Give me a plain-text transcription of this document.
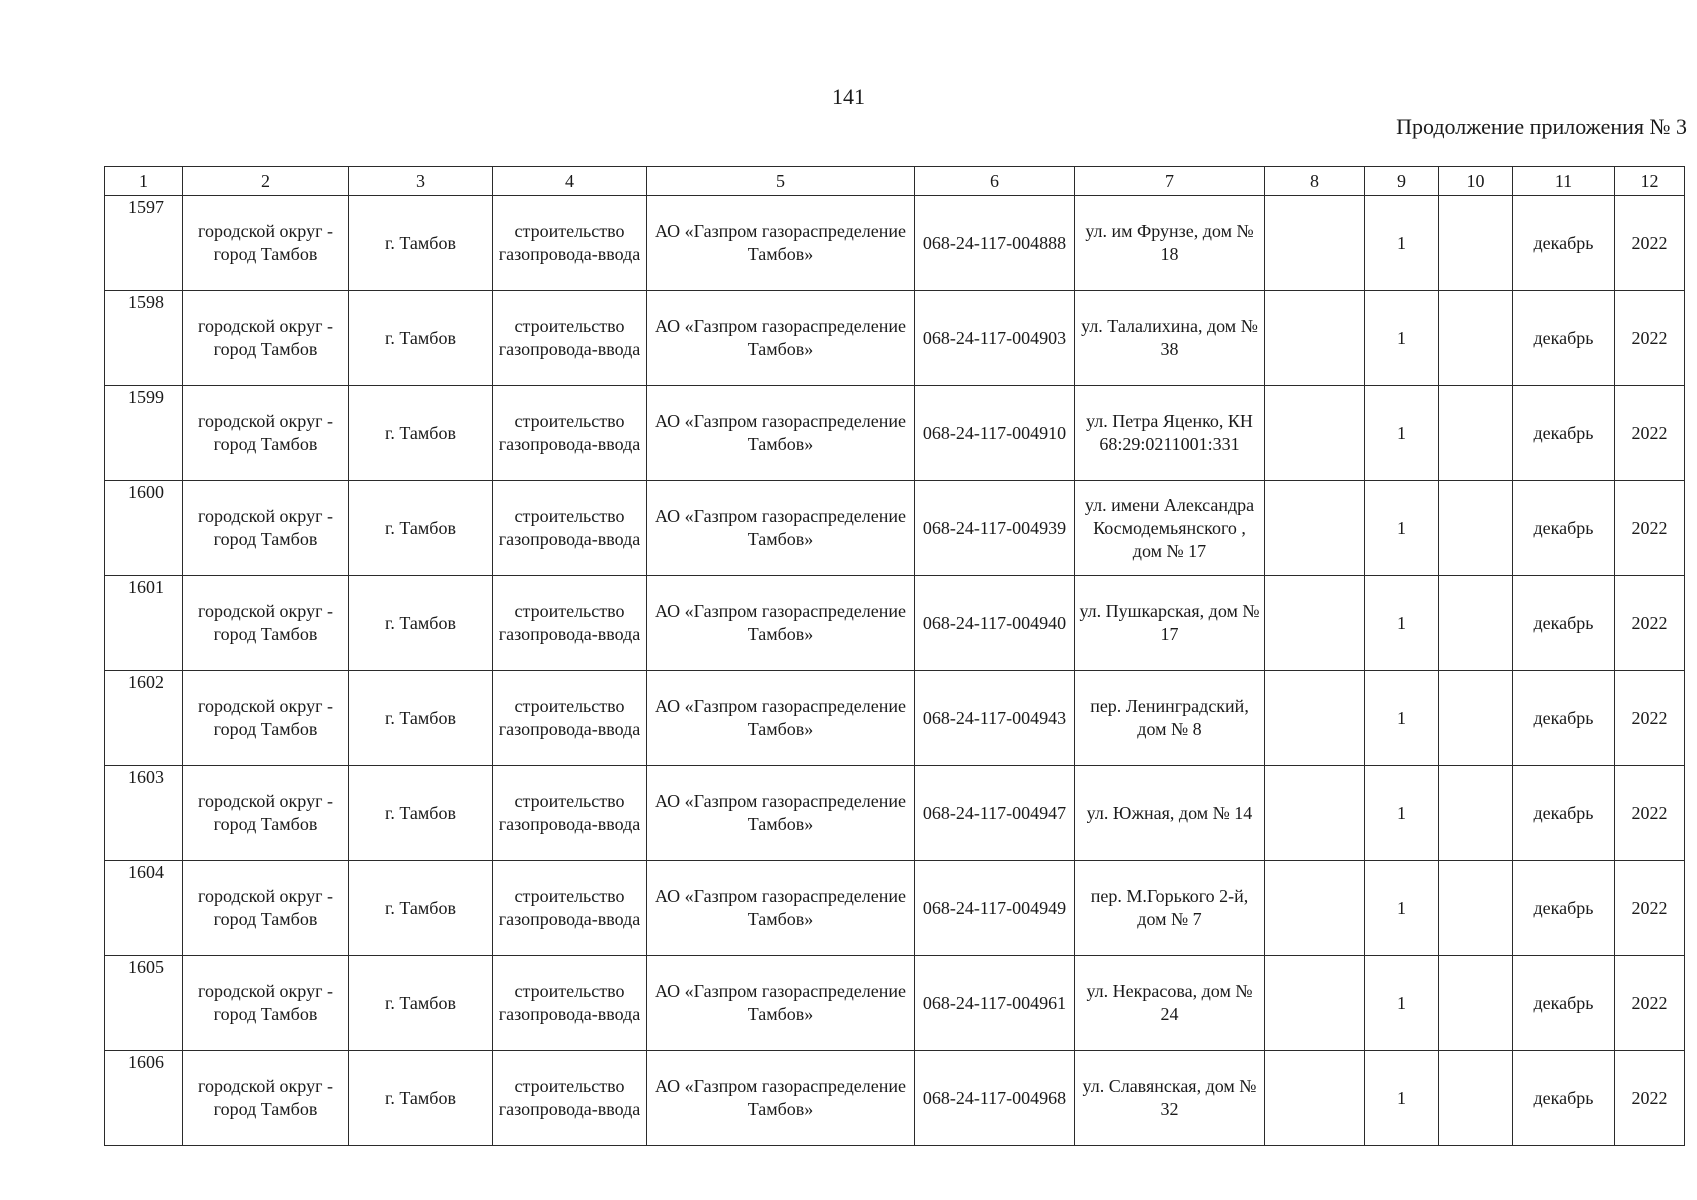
141
Продолжение приложения № 3
1	2	3	4	5	6	7	8	9	10	11	12
1597	городской округ - город Тамбов	г. Тамбов	строительство газопровода-ввода	АО «Газпром газораспределение Тамбов»	068-24-117-004888	ул. им Фрунзе, дом № 18		1		декабрь	2022
1598	городской округ - город Тамбов	г. Тамбов	строительство газопровода-ввода	АО «Газпром газораспределение Тамбов»	068-24-117-004903	ул. Талалихина, дом № 38		1		декабрь	2022
1599	городской округ - город Тамбов	г. Тамбов	строительство газопровода-ввода	АО «Газпром газораспределение Тамбов»	068-24-117-004910	ул. Петра Яценко, КН 68:29:0211001:331		1		декабрь	2022
1600	городской округ - город Тамбов	г. Тамбов	строительство газопровода-ввода	АО «Газпром газораспределение Тамбов»	068-24-117-004939	ул. имени Александра Космодемьянского , дом № 17		1		декабрь	2022
1601	городской округ - город Тамбов	г. Тамбов	строительство газопровода-ввода	АО «Газпром газораспределение Тамбов»	068-24-117-004940	ул. Пушкарская, дом № 17		1		декабрь	2022
1602	городской округ - город Тамбов	г. Тамбов	строительство газопровода-ввода	АО «Газпром газораспределение Тамбов»	068-24-117-004943	пер. Ленинградский, дом № 8		1		декабрь	2022
1603	городской округ - город Тамбов	г. Тамбов	строительство газопровода-ввода	АО «Газпром газораспределение Тамбов»	068-24-117-004947	ул. Южная, дом № 14		1		декабрь	2022
1604	городской округ - город Тамбов	г. Тамбов	строительство газопровода-ввода	АО «Газпром газораспределение Тамбов»	068-24-117-004949	пер. М.Горького 2-й, дом № 7		1		декабрь	2022
1605	городской округ - город Тамбов	г. Тамбов	строительство газопровода-ввода	АО «Газпром газораспределение Тамбов»	068-24-117-004961	ул. Некрасова, дом № 24		1		декабрь	2022
1606	городской округ - город Тамбов	г. Тамбов	строительство газопровода-ввода	АО «Газпром газораспределение Тамбов»	068-24-117-004968	ул. Славянская, дом № 32		1		декабрь	2022
